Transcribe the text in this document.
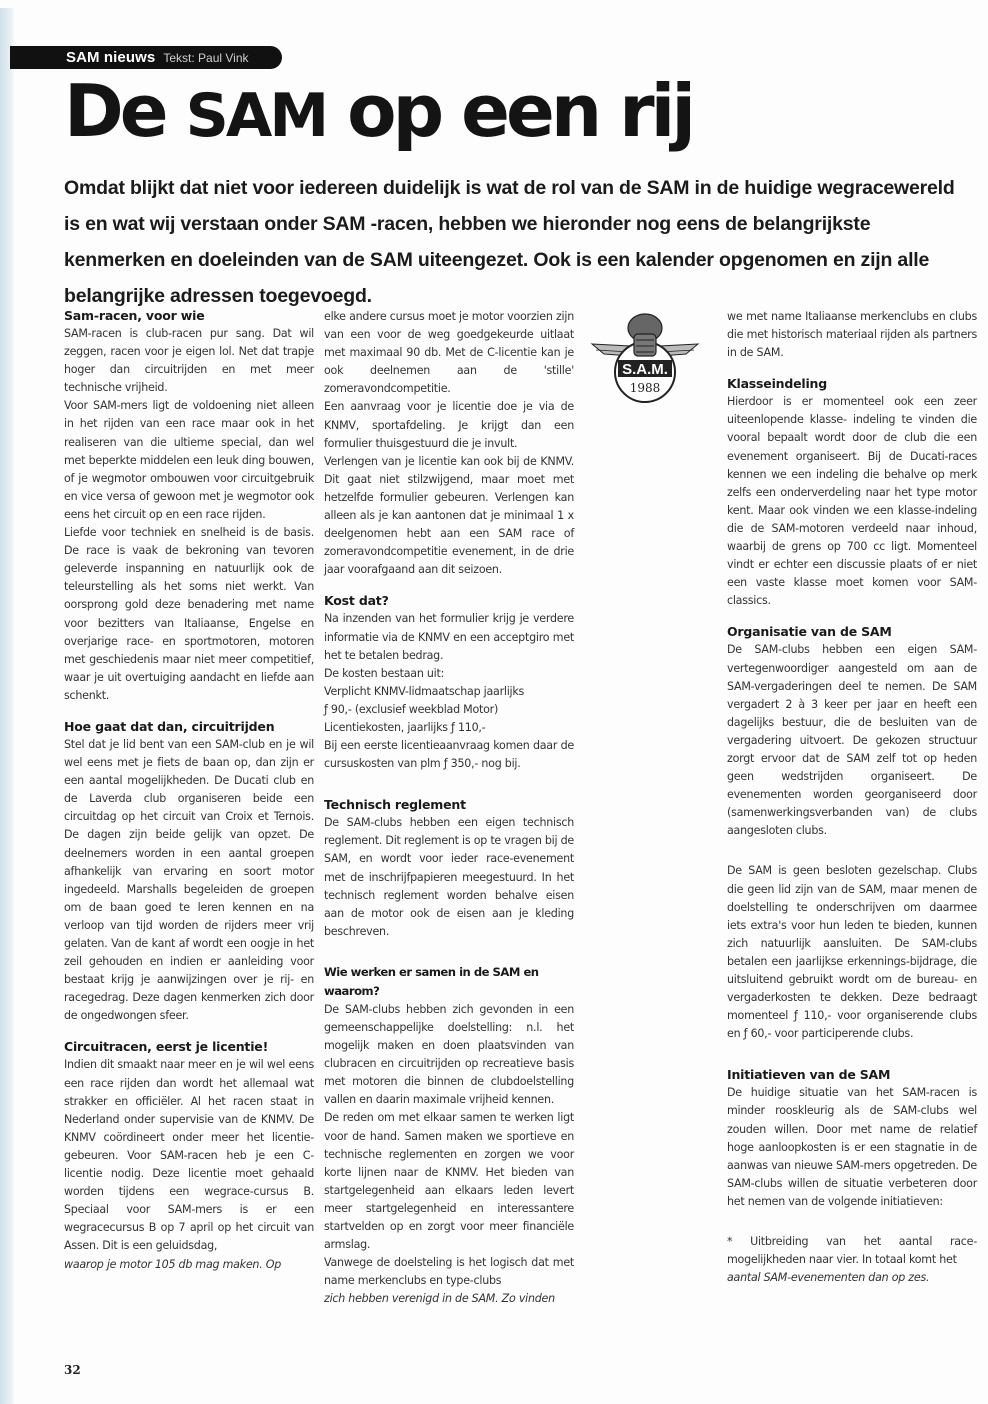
SAM nieuws Tekst: Paul Vink
De SAM op een rij

Omdat blijkt dat niet voor iedereen duidelijk is wat de rol van de SAM in de huidige wegracewereld is en wat wij verstaan onder SAM -racen, hebben we hieronder nog eens de belangrijkste kenmerken en doeleinden van de SAM uiteengezet. Ook is een kalender opgenomen en zijn alle belangrijke adressen toegevoegd.

Sam-racen, voor wie

SAM-racen is club-racen pur sang. Dat wil zeggen, racen voor je eigen lol. Net dat trapje hoger dan circuitrijden en met meer technische vrijheid.

Voor SAM-mers ligt de voldoening niet alleen in het rijden van een race maar ook in het realiseren van die ultieme special, dan wel met beperkte middelen een leuk ding bouwen, of je wegmotor ombouwen voor circuitgebruik en vice versa of gewoon met je wegmotor ook eens het circuit op en een race rijden.

Liefde voor techniek en snelheid is de basis. De race is vaak de bekroning van tevoren geleverde inspanning en natuurlijk ook de teleurstelling als het soms niet werkt. Van oorsprong gold deze benadering met name voor bezitters van Italiaanse, Engelse en overjarige race- en sportmotoren, motoren met geschiedenis maar niet meer competitief, waar je uit overtuiging aandacht en liefde aan schenkt.

Hoe gaat dat dan, circuitrijden

Stel dat je lid bent van een SAM-club en je wil wel eens met je fiets de baan op, dan zijn er een aantal mogelijkheden. De Ducati club en de Laverda club organiseren beide een circuitdag op het circuit van Croix et Ternois. De dagen zijn beide gelijk van opzet. De deelnemers worden in een aantal groepen afhankelijk van ervaring en soort motor ingedeeld. Marshalls begeleiden de groepen om de baan goed te leren kennen en na verloop van tijd worden de rijders meer vrij gelaten. Van de kant af wordt een oogje in het zeil gehouden en indien er aanleiding voor bestaat krijg je aanwijzingen over je rij- en racegedrag. Deze dagen kenmerken zich door de ongedwongen sfeer.

Circuitracen, eerst je licentie!

Indien dit smaakt naar meer en je wil wel eens een race rijden dan wordt het allemaal wat strakker en officiëler. Al het racen staat in Nederland onder supervisie van de KNMV. De KNMV coördineert onder meer het licentie-gebeuren. Voor SAM-racen heb je een C-licentie nodig. Deze licentie moet gehaald worden tijdens een wegrace-cursus B. Speciaal voor SAM-mers is er een wegracecursus B op 7 april op het circuit van Assen. Dit is een geluidsdag,

waarop je motor 105 db mag maken. Op

elke andere cursus moet je motor voorzien zijn van een voor de weg goedgekeurde uitlaat met maximaal 90 db. Met de C-licentie kan je ook deelnemen aan de 'stille' zomeravondcompetitie.

Een aanvraag voor je licentie doe je via de KNMV, sportafdeling. Je krijgt dan een formulier thuisgestuurd die je invult.

Verlengen van je licentie kan ook bij de KNMV. Dit gaat niet stilzwijgend, maar moet met hetzelfde formulier gebeuren. Verlengen kan alleen als je kan aantonen dat je minimaal 1 x deelgenomen hebt aan een SAM race of zomeravondcompetitie evenement, in de drie jaar voorafgaand aan dit seizoen.

Kost dat?

Na inzenden van het formulier krijg je verdere informatie via de KNMV en een acceptgiro met het te betalen bedrag.

De kosten bestaan uit:

Verplicht KNMV-lidmaatschap jaarlijks

ƒ 90,- (exclusief weekblad Motor)

Licentiekosten, jaarlijks ƒ 110,-

Bij een eerste licentieaanvraag komen daar de cursuskosten van plm ƒ 350,- nog bij.

Technisch reglement

De SAM-clubs hebben een eigen technisch reglement. Dit reglement is op te vragen bij de SAM, en wordt voor ieder race-evenement met de inschrijfpapieren meegestuurd. In het technisch reglement worden behalve eisen aan de motor ook de eisen aan je kleding beschreven.

Wie werken er samen in de SAM en waarom?

De SAM-clubs hebben zich gevonden in een gemeenschappelijke doelstelling: n.l. het mogelijk maken en doen plaatsvinden van clubracen en circuitrijden op recreatieve basis met motoren die binnen de clubdoelstelling vallen en daarin maximale vrijheid kennen.

De reden om met elkaar samen te werken ligt voor de hand. Samen maken we sportieve en technische reglementen en zorgen we voor korte lijnen naar de KNMV. Het bieden van startgelegenheid aan elkaars leden levert meer startgelegenheid en interessantere startvelden op en zorgt voor meer financiële armslag.

Vanwege de doelsteling is het logisch dat met name merkenclubs en type-clubs

zich hebben verenigd in de SAM. Zo vinden

S.A.M.
1988

we met name Italiaanse merkenclubs en clubs die met historisch materiaal rijden als partners in de SAM.

Klasseindeling

Hierdoor is er momenteel ook een zeer uiteenlopende klasse- indeling te vinden die vooral bepaalt wordt door de club die een evenement organiseert. Bij de Ducati-races kennen we een indeling die behalve op merk zelfs een onderverdeling naar het type motor kent. Maar ook vinden we een klasse-indeling die de SAM-motoren verdeeld naar inhoud, waarbij de grens op 700 cc ligt. Momenteel vindt er echter een discussie plaats of er niet een vaste klasse moet komen voor SAM-classics.

Organisatie van de SAM

De SAM-clubs hebben een eigen SAM-vertegenwoordiger aangesteld om aan de SAM-vergaderingen deel te nemen. De SAM vergadert 2 à 3 keer per jaar en heeft een dagelijks bestuur, die de besluiten van de vergadering uitvoert. De gekozen structuur zorgt ervoor dat de SAM zelf tot op heden geen wedstrijden organiseert. De evenementen worden georganiseerd door (samenwerkingsverbanden van) de clubs aangesloten clubs.

De SAM is geen besloten gezelschap. Clubs die geen lid zijn van de SAM, maar menen de doelstelling te onderschrijven om daarmee iets extra's voor hun leden te bieden, kunnen zich natuurlijk aansluiten. De SAM-clubs betalen een jaarlijkse erkennings-bijdrage, die uitsluitend gebruikt wordt om de bureau- en vergaderkosten te dekken. Deze bedraagt momenteel ƒ 110,- voor organiserende clubs en ƒ 60,- voor participerende clubs.

Initiatieven van de SAM

De huidige situatie van het SAM-racen is minder rooskleurig als de SAM-clubs wel zouden willen. Door met name de relatief hoge aanloopkosten is er een stagnatie in de aanwas van nieuwe SAM-mers opgetreden. De SAM-clubs willen de situatie verbeteren door het nemen van de volgende initiatieven:

* Uitbreiding van het aantal race-mogelijkheden naar vier. In totaal komt het

aantal SAM-evenementen dan op zes.

32
